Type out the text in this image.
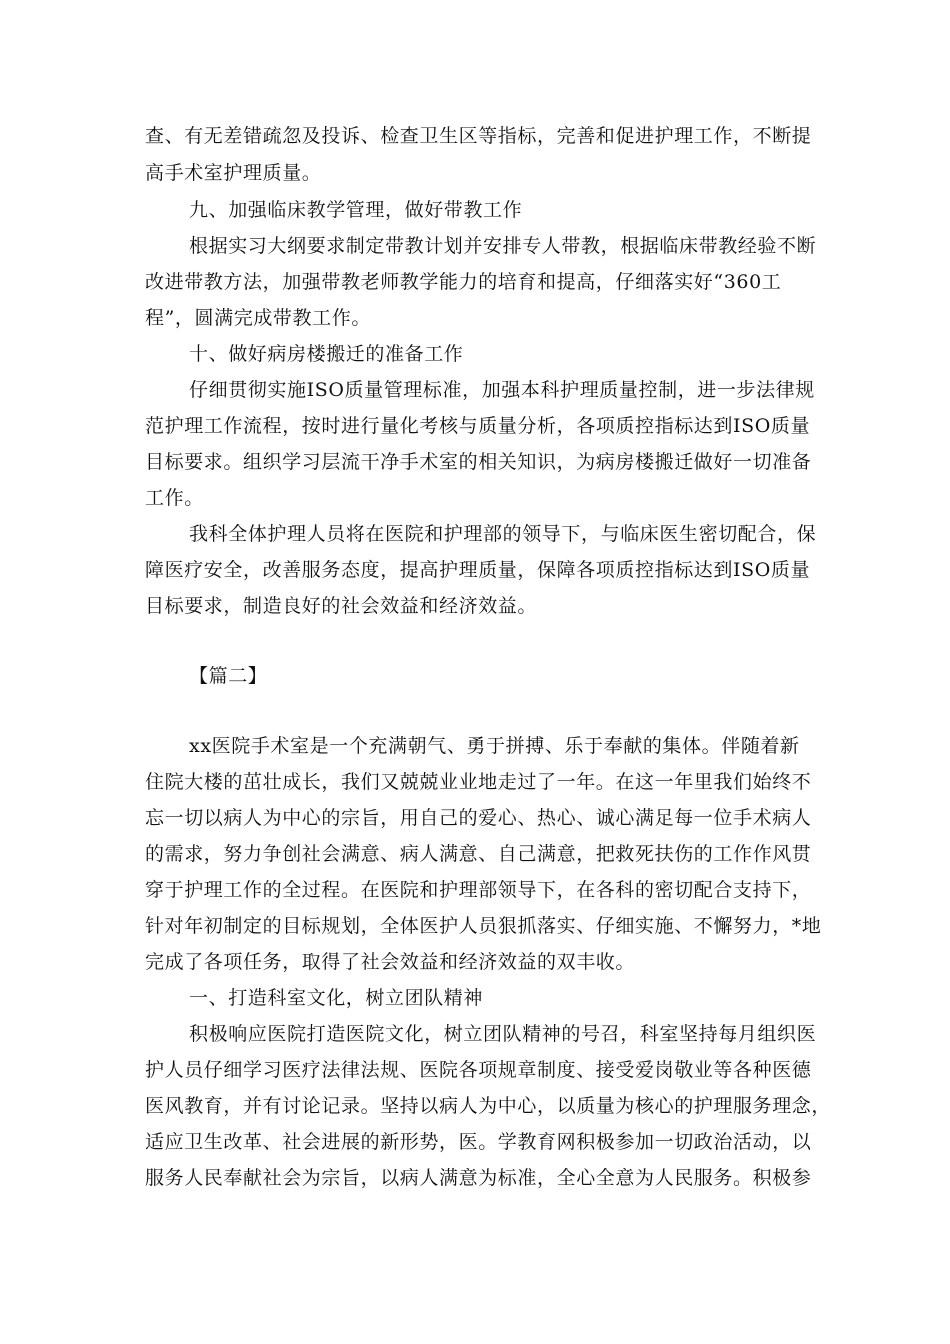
查、有无差错疏忽及投诉、检查卫生区等指标，完善和促进护理工作，不断提
高手术室护理质量。
九、加强临床教学管理，做好带教工作
根据实习大纲要求制定带教计划并安排专人带教，根据临床带教经验不断
改进带教方法，加强带教老师教学能力的培育和提高，仔细落实好“360工
程”，圆满完成带教工作。
十、做好病房楼搬迁的准备工作
仔细贯彻实施ISO质量管理标准，加强本科护理质量控制，进一步法律规
范护理工作流程，按时进行量化考核与质量分析，各项质控指标达到ISO质量
目标要求。组织学习层流干净手术室的相关知识，为病房楼搬迁做好一切准备
工作。
我科全体护理人员将在医院和护理部的领导下，与临床医生密切配合，保
障医疗安全，改善服务态度，提高护理质量，保障各项质控指标达到ISO质量
目标要求，制造良好的社会效益和经济效益。
【篇二】
xx医院手术室是一个充满朝气、勇于拼搏、乐于奉献的集体。伴随着新
住院大楼的茁壮成长，我们又兢兢业业地走过了一年。在这一年里我们始终不
忘一切以病人为中心的宗旨，用自己的爱心、热心、诚心满足每一位手术病人
的需求，努力争创社会满意、病人满意、自己满意，把救死扶伤的工作作风贯
穿于护理工作的全过程。在医院和护理部领导下，在各科的密切配合支持下，
针对年初制定的目标规划，全体医护人员狠抓落实、仔细实施、不懈努力，*地
完成了各项任务，取得了社会效益和经济效益的双丰收。
一、打造科室文化，树立团队精神
积极响应医院打造医院文化，树立团队精神的号召，科室坚持每月组织医
护人员仔细学习医疗法律法规、医院各项规章制度、接受爱岗敬业等各种医德
医风教育，并有讨论记录。坚持以病人为中心，以质量为核心的护理服务理念，
适应卫生改革、社会进展的新形势，医。学教育网积极参加一切政治活动，以
服务人民奉献社会为宗旨，以病人满意为标准，全心全意为人民服务。积极参
